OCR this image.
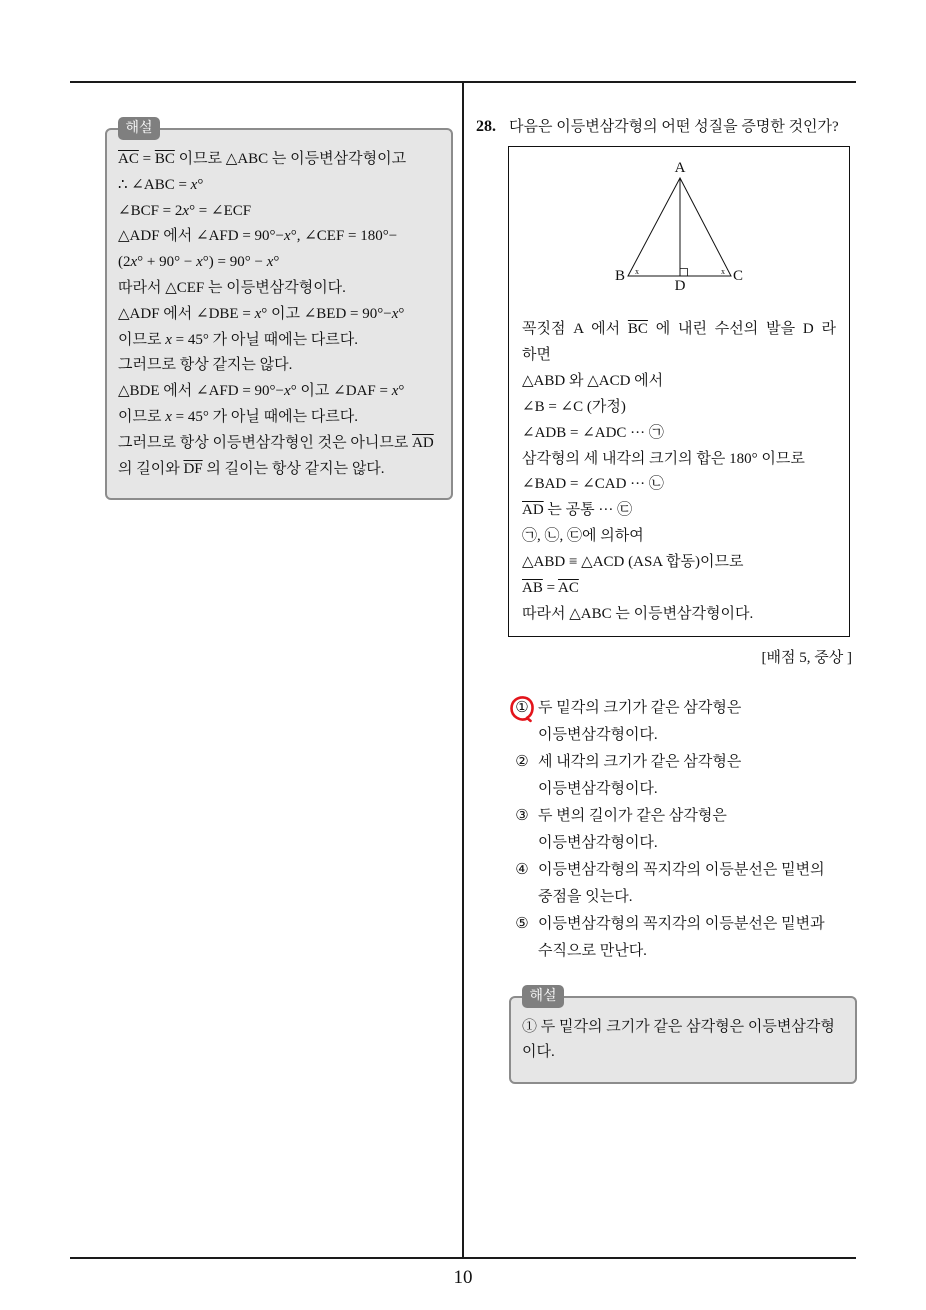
해설
$\overline{AC} = \overline{BC}$ 이므로 △ABC 는 이등변삼각형이고
∴ ∠ABC = x°
∠BCF = 2x° = ∠ECF
△ADF 에서 ∠AFD = 90°−x°, ∠CEF = 180°−
(2x° + 90° − x°) = 90° − x°
따라서 △CEF 는 이등변삼각형이다.
△ADF 에서 ∠DBE = x° 이고 ∠BED = 90°−x°
이므로 x = 45° 가 아닐 때에는 다르다.
그러므로 항상 같지는 않다.
△BDE 에서 ∠AFD = 90°−x° 이고 ∠DAF = x°
이므로 x = 45° 가 아닐 때에는 다르다.
그러므로 항상 이등변삼각형인 것은 아니므로 $\overline{AD}$
의 길이와 $\overline{DF}$ 의 길이는 항상 같지는 않다.
28. 다음은 이등변삼각형의 어떤 성질을 증명한 것인가?
A
B	C
D
x	x
꼭짓점 A 에서 $\overline{BC}$ 에 내린 수선의 발을 D 라
하면
△ABD 와 △ACD 에서
∠B = ∠C (가정)
∠ADB = ∠ADC ··· ㉠
삼각형의 세 내각의 크기의 합은 180° 이므로
∠BAD = ∠CAD ··· ㉡
$\overline{AD}$ 는 공통 ··· ㉢
㉠, ㉡, ㉢에 의하여
△ABD ≡ △ACD (ASA 합동)이므로
$\overline{AB} = \overline{AC}$
따라서 △ABC 는 이등변삼각형이다.
[배점 5, 중상 ]
① 두 밑각의 크기가 같은 삼각형은
이등변삼각형이다.
② 세 내각의 크기가 같은 삼각형은
이등변삼각형이다.
③ 두 변의 길이가 같은 삼각형은
이등변삼각형이다.
④ 이등변삼각형의 꼭지각의 이등분선은 밑변의
중점을 잇는다.
⑤ 이등변삼각형의 꼭지각의 이등분선은 밑변과
수직으로 만난다.
해설
① 두 밑각의 크기가 같은 삼각형은 이등변삼각형
이다.
10
